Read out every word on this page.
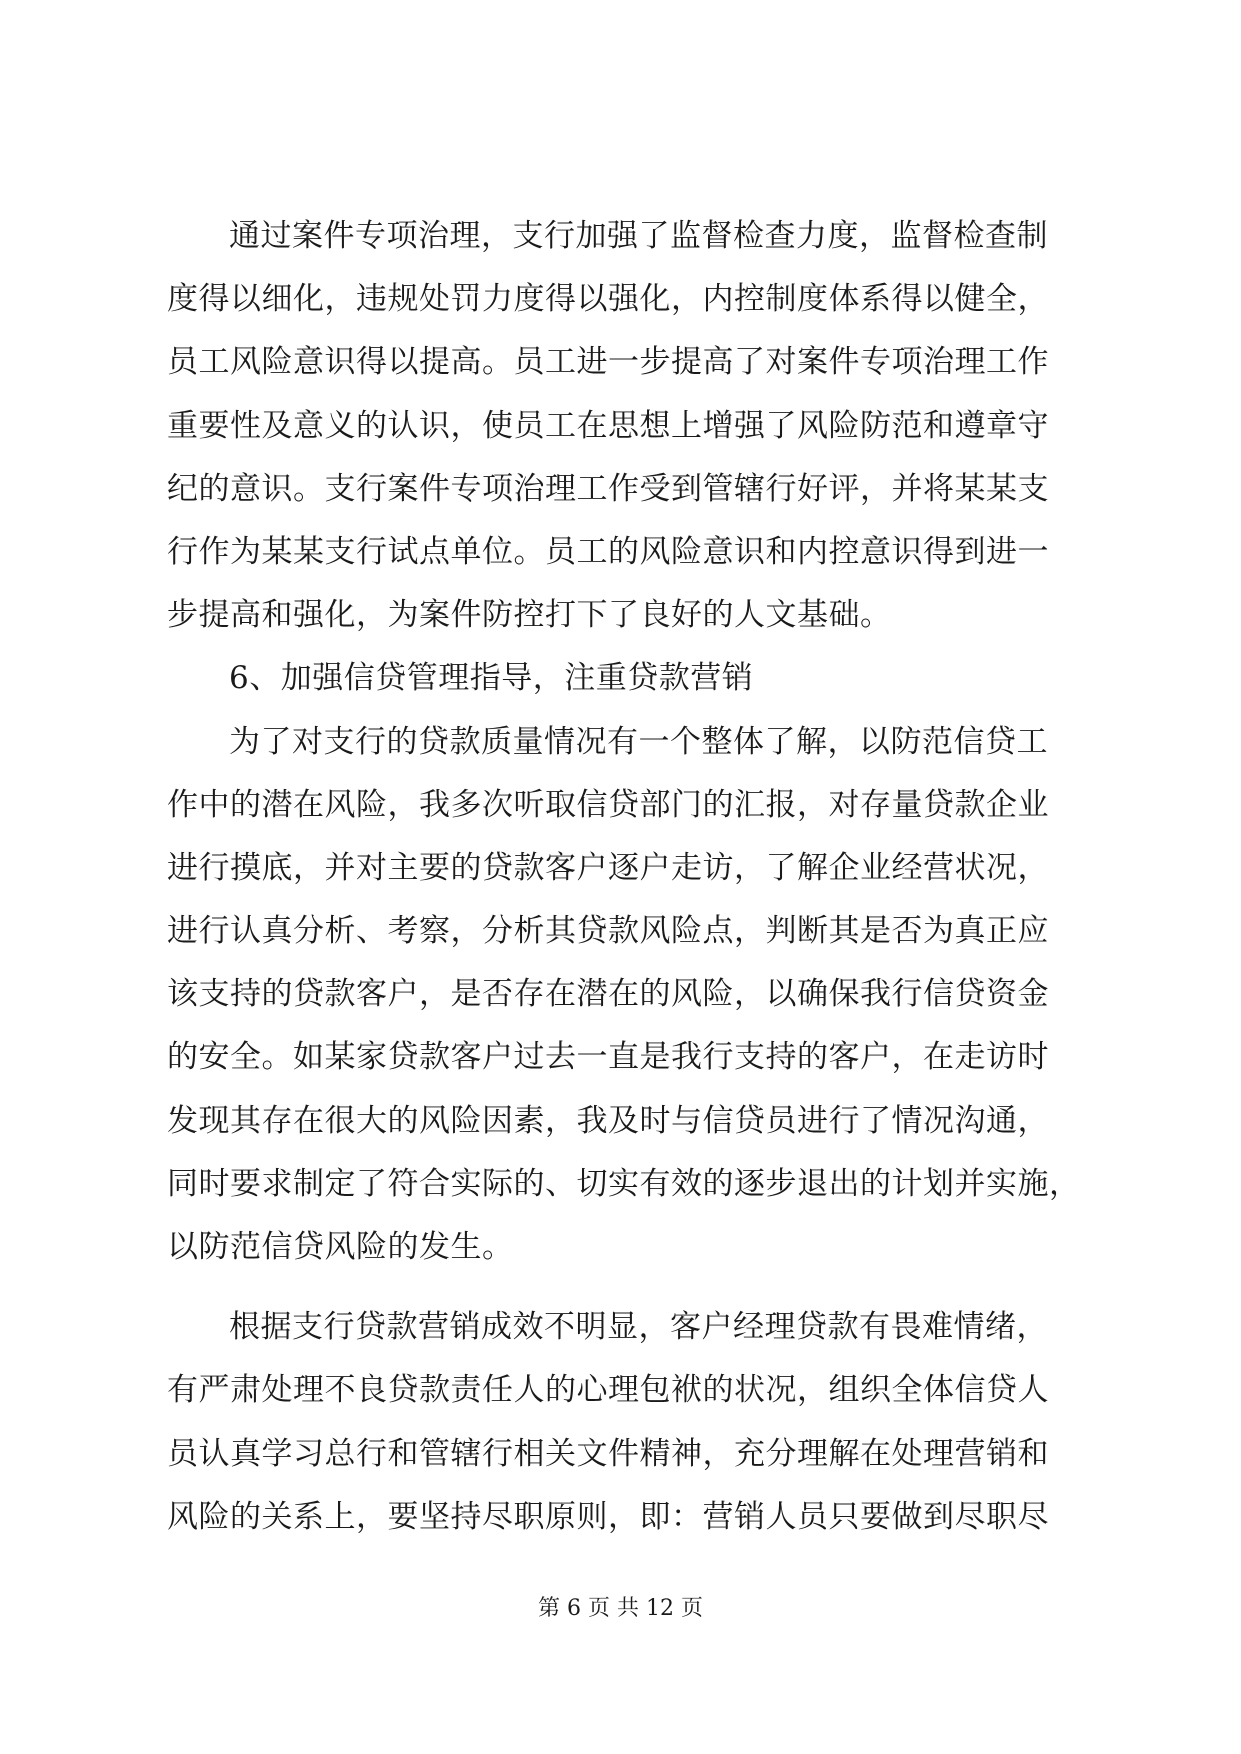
通过案件专项治理，支行加强了监督检查力度，监督检查制
度得以细化，违规处罚力度得以强化，内控制度体系得以健全，
员工风险意识得以提高。员工进一步提高了对案件专项治理工作
重要性及意义的认识，使员工在思想上增强了风险防范和遵章守
纪的意识。支行案件专项治理工作受到管辖行好评，并将某某支
行作为某某支行试点单位。员工的风险意识和内控意识得到进一
步提高和强化，为案件防控打下了良好的人文基础。
6、加强信贷管理指导，注重贷款营销
为了对支行的贷款质量情况有一个整体了解，以防范信贷工
作中的潜在风险，我多次听取信贷部门的汇报，对存量贷款企业
进行摸底，并对主要的贷款客户逐户走访，了解企业经营状况，
进行认真分析、考察，分析其贷款风险点，判断其是否为真正应
该支持的贷款客户，是否存在潜在的风险，以确保我行信贷资金
的安全。如某家贷款客户过去一直是我行支持的客户，在走访时
发现其存在很大的风险因素，我及时与信贷员进行了情况沟通，
同时要求制定了符合实际的、切实有效的逐步退出的计划并实施，
以防范信贷风险的发生。
根据支行贷款营销成效不明显，客户经理贷款有畏难情绪，
有严肃处理不良贷款责任人的心理包袱的状况，组织全体信贷人
员认真学习总行和管辖行相关文件精神，充分理解在处理营销和
风险的关系上，要坚持尽职原则，即：营销人员只要做到尽职尽
第 6 页 共 12 页
